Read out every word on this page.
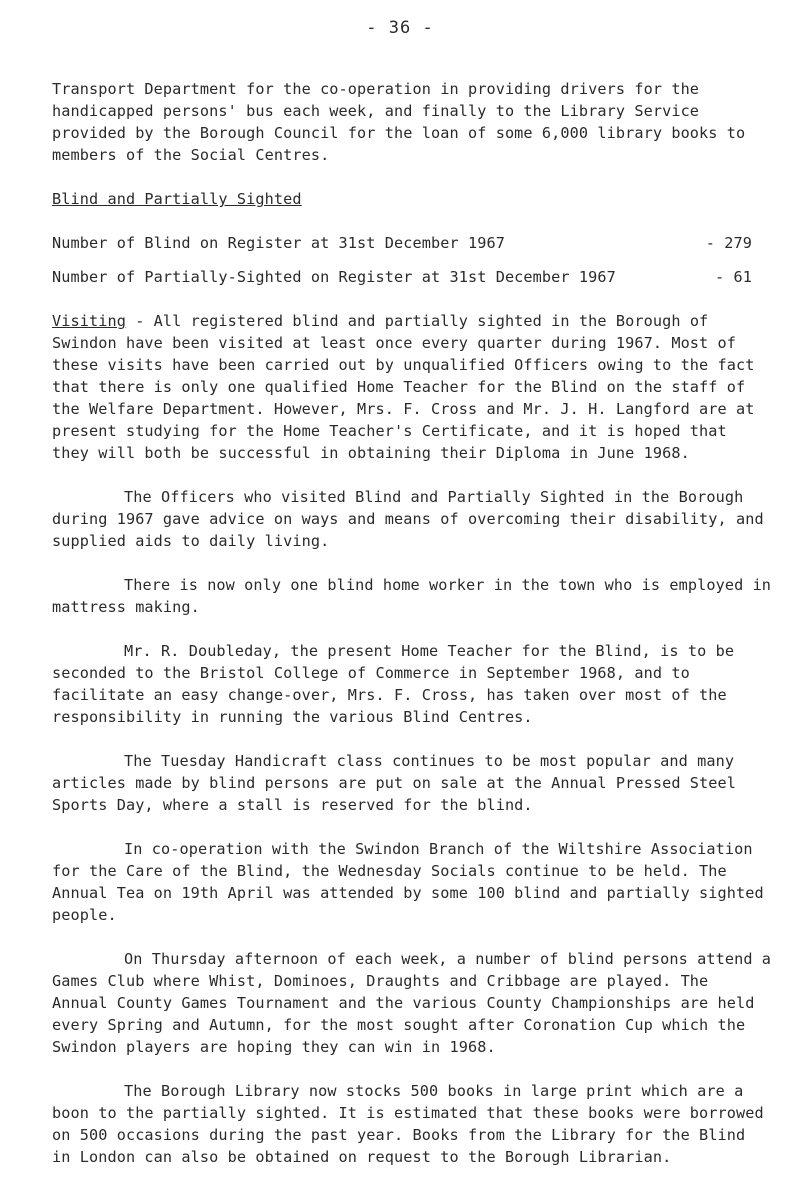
- 36 -

Transport Department for the co-operation in providing drivers for the handicapped persons' bus each week, and finally to the Library Service provided by the Borough Council for the loan of some 6,000 library books to members of the Social Centres.

Blind and Partially Sighted
Number of Blind on Register at 31st December 1967	- 279
Number of Partially-Sighted on Register at 31st December 1967	- 61

Visiting - All registered blind and partially sighted in the Borough of Swindon have been visited at least once every quarter during 1967. Most of these visits have been carried out by unqualified Officers owing to the fact that there is only one qualified Home Teacher for the Blind on the staff of the Welfare Department. However, Mrs. F. Cross and Mr. J. H. Langford are at present studying for the Home Teacher's Certificate, and it is hoped that they will both be successful in obtaining their Diploma in June 1968.

The Officers who visited Blind and Partially Sighted in the Borough during 1967 gave advice on ways and means of overcoming their disability, and supplied aids to daily living.

There is now only one blind home worker in the town who is employed in mattress making.

Mr. R. Doubleday, the present Home Teacher for the Blind, is to be seconded to the Bristol College of Commerce in September 1968, and to facilitate an easy change-over, Mrs. F. Cross, has taken over most of the responsibility in running the various Blind Centres.

The Tuesday Handicraft class continues to be most popular and many articles made by blind persons are put on sale at the Annual Pressed Steel Sports Day, where a stall is reserved for the blind.

In co-operation with the Swindon Branch of the Wiltshire Association for the Care of the Blind, the Wednesday Socials continue to be held. The Annual Tea on 19th April was attended by some 100 blind and partially sighted people.

On Thursday afternoon of each week, a number of blind persons attend a Games Club where Whist, Dominoes, Draughts and Cribbage are played. The Annual County Games Tournament and the various County Championships are held every Spring and Autumn, for the most sought after Coronation Cup which the Swindon players are hoping they can win in 1968.

The Borough Library now stocks 500 books in large print which are a boon to the partially sighted. It is estimated that these books were borrowed on 500 occasions during the past year. Books from the Library for the Blind in London can also be obtained on request to the Borough Librarian.
